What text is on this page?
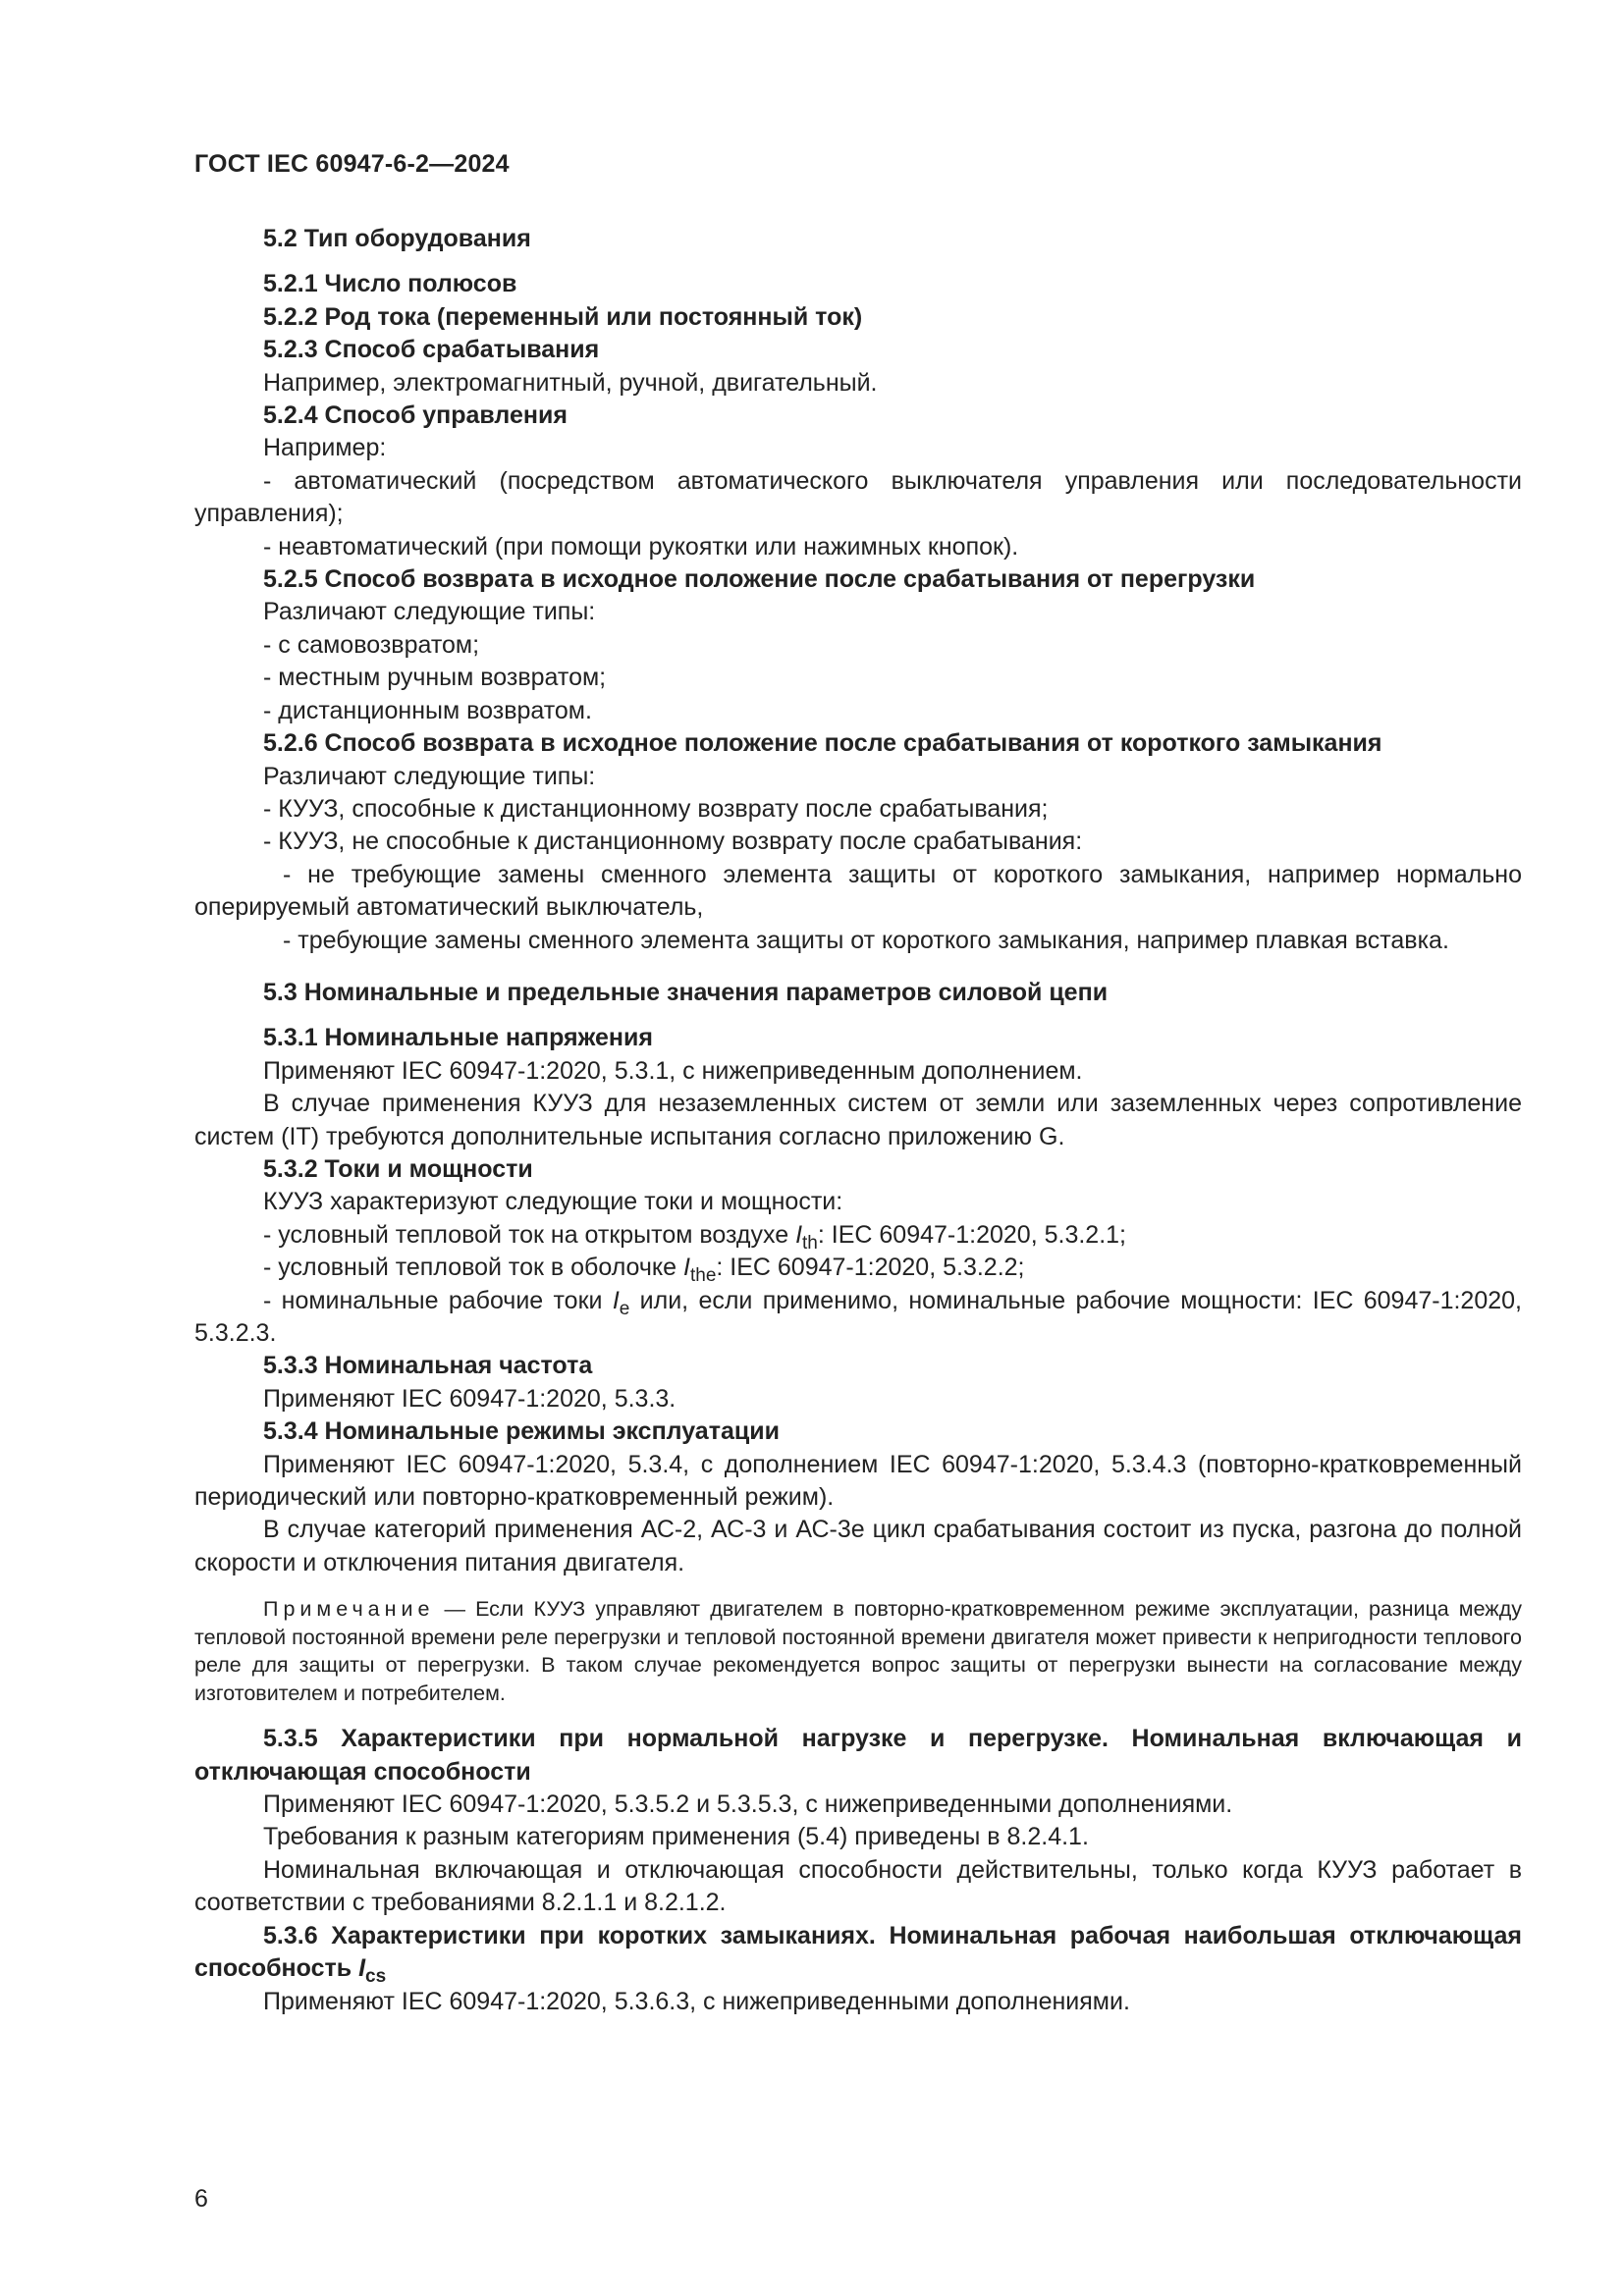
ГОСТ IEC 60947-6-2—2024

5.2 Тип оборудования

5.2.1 Число полюсов

5.2.2 Род тока (переменный или постоянный ток)

5.2.3 Способ срабатывания

Например, электромагнитный, ручной, двигательный.

5.2.4 Способ управления

Например:

- автоматический (посредством автоматического выключателя управления или последовательности управления);

- неавтоматический (при помощи рукоятки или нажимных кнопок).

5.2.5 Способ возврата в исходное положение после срабатывания от перегрузки

Различают следующие типы:

- с самовозвратом;

- местным ручным возвратом;

- дистанционным возвратом.

5.2.6 Способ возврата в исходное положение после срабатывания от короткого замыкания

Различают следующие типы:

- КУУЗ, способные к дистанционному возврату после срабатывания;

- КУУЗ, не способные к дистанционному возврату после срабатывания:

- не требующие замены сменного элемента защиты от короткого замыкания, например нормально оперируемый автоматический выключатель,

- требующие замены сменного элемента защиты от короткого замыкания, например плавкая вставка.

5.3 Номинальные и предельные значения параметров силовой цепи

5.3.1 Номинальные напряжения

Применяют IEC 60947-1:2020, 5.3.1, с нижеприведенным дополнением.

В случае применения КУУЗ для незаземленных систем от земли или заземленных через сопротивление систем (IT) требуются дополнительные испытания согласно приложению G.

5.3.2 Токи и мощности

КУУЗ характеризуют следующие токи и мощности:

- условный тепловой ток на открытом воздухе $I_{th}$: IEC 60947-1:2020, 5.3.2.1;

- условный тепловой ток в оболочке $I_{the}$: IEC 60947-1:2020, 5.3.2.2;

- номинальные рабочие токи $I_e$ или, если применимо, номинальные рабочие мощности: IEC 60947-1:2020, 5.3.2.3.

5.3.3 Номинальная частота

Применяют IEC 60947-1:2020, 5.3.3.

5.3.4 Номинальные режимы эксплуатации

Применяют IEC 60947-1:2020, 5.3.4, с дополнением IEC 60947-1:2020, 5.3.4.3 (повторно-кратковременный периодический или повторно-кратковременный режим).

В случае категорий применения АС-2, АС-3 и АС-3е цикл срабатывания состоит из пуска, разгона до полной скорости и отключения питания двигателя.

Примечание — Если КУУЗ управляют двигателем в повторно-кратковременном режиме эксплуатации, разница между тепловой постоянной времени реле перегрузки и тепловой постоянной времени двигателя может привести к непригодности теплового реле для защиты от перегрузки. В таком случае рекомендуется вопрос защиты от перегрузки вынести на согласование между изготовителем и потребителем.

5.3.5 Характеристики при нормальной нагрузке и перегрузке. Номинальная включающая и отключающая способности

Применяют IEC 60947-1:2020, 5.3.5.2 и 5.3.5.3, с нижеприведенными дополнениями.

Требования к разным категориям применения (5.4) приведены в 8.2.4.1.

Номинальная включающая и отключающая способности действительны, только когда КУУЗ работает в соответствии с требованиями 8.2.1.1 и 8.2.1.2.

5.3.6 Характеристики при коротких замыканиях. Номинальная рабочая наибольшая отключающая способность $I_{cs}$

Применяют IEC 60947-1:2020, 5.3.6.3, с нижеприведенными дополнениями.

6
